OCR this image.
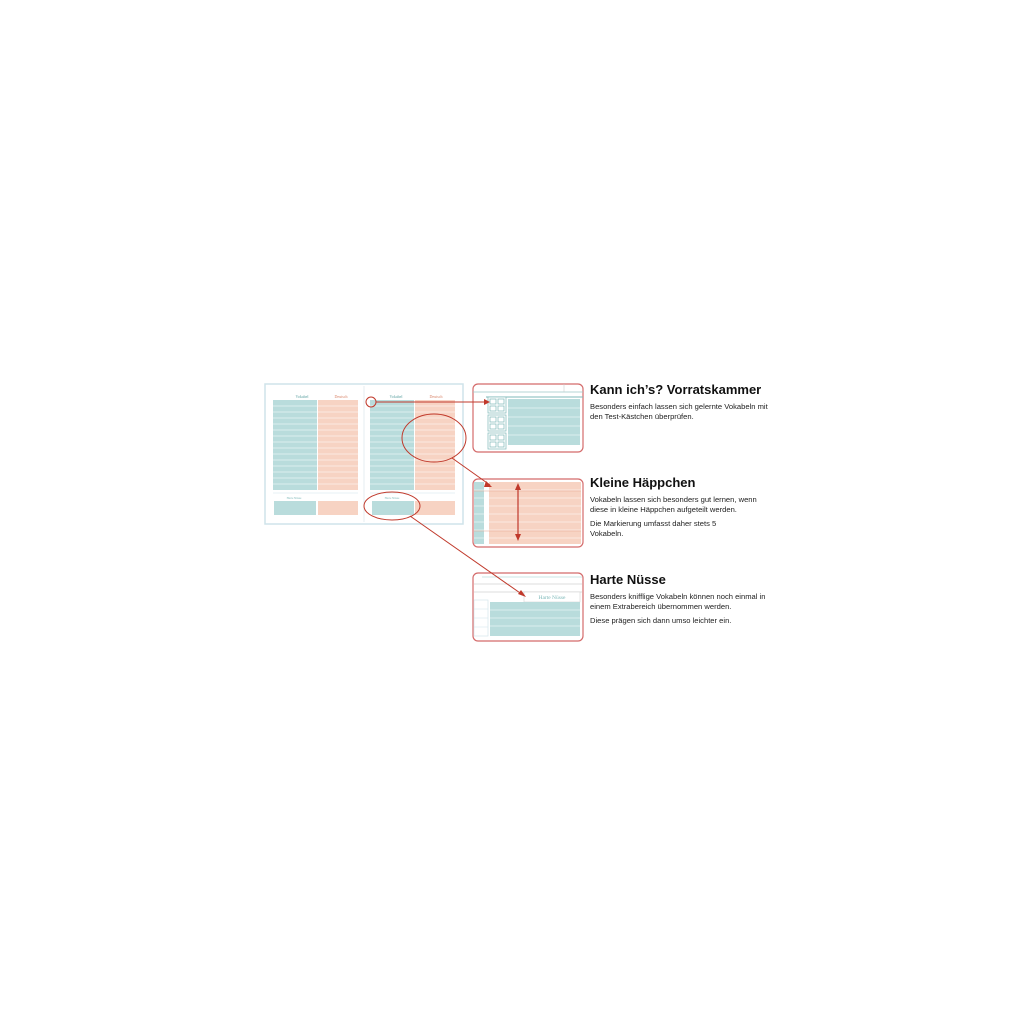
Vokabel	Deutsch
Harte Nüsse
Vokabel	Deutsch
Harte Nüsse
Harte Nüsse
Kann ich’s? Vorratskammer

Besonders einfach lassen sich gelernte Vokabeln mit den Test-Kästchen überprüfen.

Kleine Häppchen

Vokabeln lassen sich besonders gut lernen, wenn diese in kleine Häppchen aufgeteilt werden.

Die Markierung umfasst daher stets 5 Vokabeln.

Harte Nüsse

Besonders knifflige Vokabeln können noch einmal in einem Extrabereich übernommen werden.

Diese prägen sich dann umso leichter ein.
